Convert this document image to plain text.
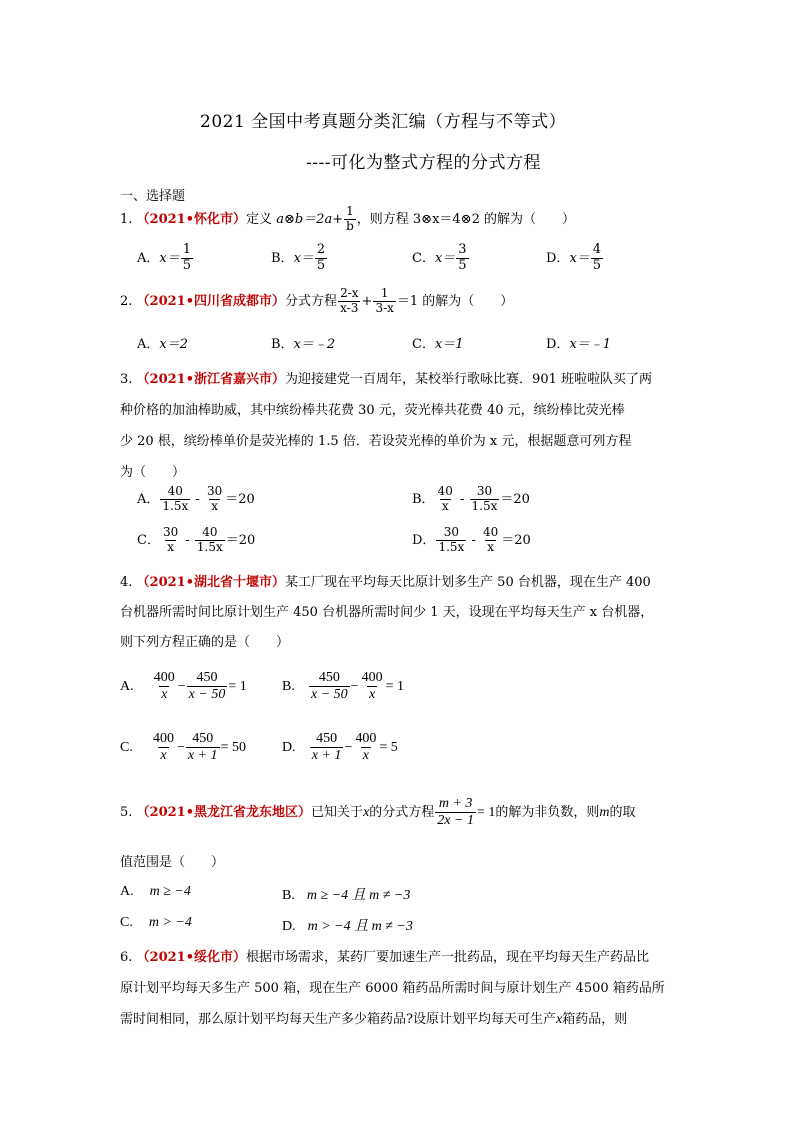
2021 全国中考真题分类汇编（方程与不等式）
----可化为整式方程的分式方程
一、选择题
1. （2021•怀化市）定义 a⊗b＝2a+ $\frac{1}{b}$ ，则方程 3⊗x＝4⊗2 的解为（　　）
A．$x= \frac{1}{5}$	B．$x= \frac{2}{5}$	C．$x= \frac{3}{5}$	D．$x= \frac{4}{5}$
2. （2021•四川省成都市）分式方程 $\frac{2-x}{x-3} + \frac{1}{3-x} =1$ 的解为（　　）
A．x＝2	B．x＝﹣2	C．x＝1	D．x＝﹣1
3. （2021•浙江省嘉兴市）为迎接建党一百周年，某校举行歌咏比赛．901 班啦啦队买了两
种价格的加油棒助威，其中缤纷棒共花费 30 元，荧光棒共花费 40 元，缤纷棒比荧光棒
少 20 根，缤纷棒单价是荧光棒的 1.5 倍．若设荧光棒的单价为 x 元，根据题意可列方程
为（　　）
A． $\frac{40}{1.5x} - \frac{30}{x} =20$	B． $\frac{40}{x} - \frac{30}{1.5x} =20$
C． $\frac{30}{x} - \frac{40}{1.5x} =20$	D． $\frac{30}{1.5x} - \frac{40}{x} =20$
4. （2021•湖北省十堰市）某工厂现在平均每天比原计划多生产 50 台机器，现在生产 400
台机器所需时间比原计划生产 450 台机器所需时间少 1 天，设现在平均每天生产 x 台机器，
则下列方程正确的是（　　）
A. $\frac{400}{x} - \frac{450}{x - 50} = 1$	B. $\frac{450}{x - 50} - \frac{400}{x} = 1$
C. $\frac{400}{x} - \frac{450}{x + 1} = 50$	D. $\frac{450}{x + 1} - \frac{400}{x} = 5$
5. （2021•黑龙江省龙东地区）已知关于x的分式方程 $\frac{m + 3}{2x - 1} = 1$的解为非负数，则m的取
值范围是（　　）
A. m ≥ −4	B. m ≥ −4 且 m ≠ −3
C. m > −4	D. m > −4 且 m ≠ −3
6. （2021•绥化市）根据市场需求，某药厂要加速生产一批药品，现在平均每天生产药品比
原计划平均每天多生产 500 箱，现在生产 6000 箱药品所需时间与原计划生产 4500 箱药品所
需时间相同，那么原计划平均每天生产多少箱药品?设原计划平均每天可生产x箱药品，则
